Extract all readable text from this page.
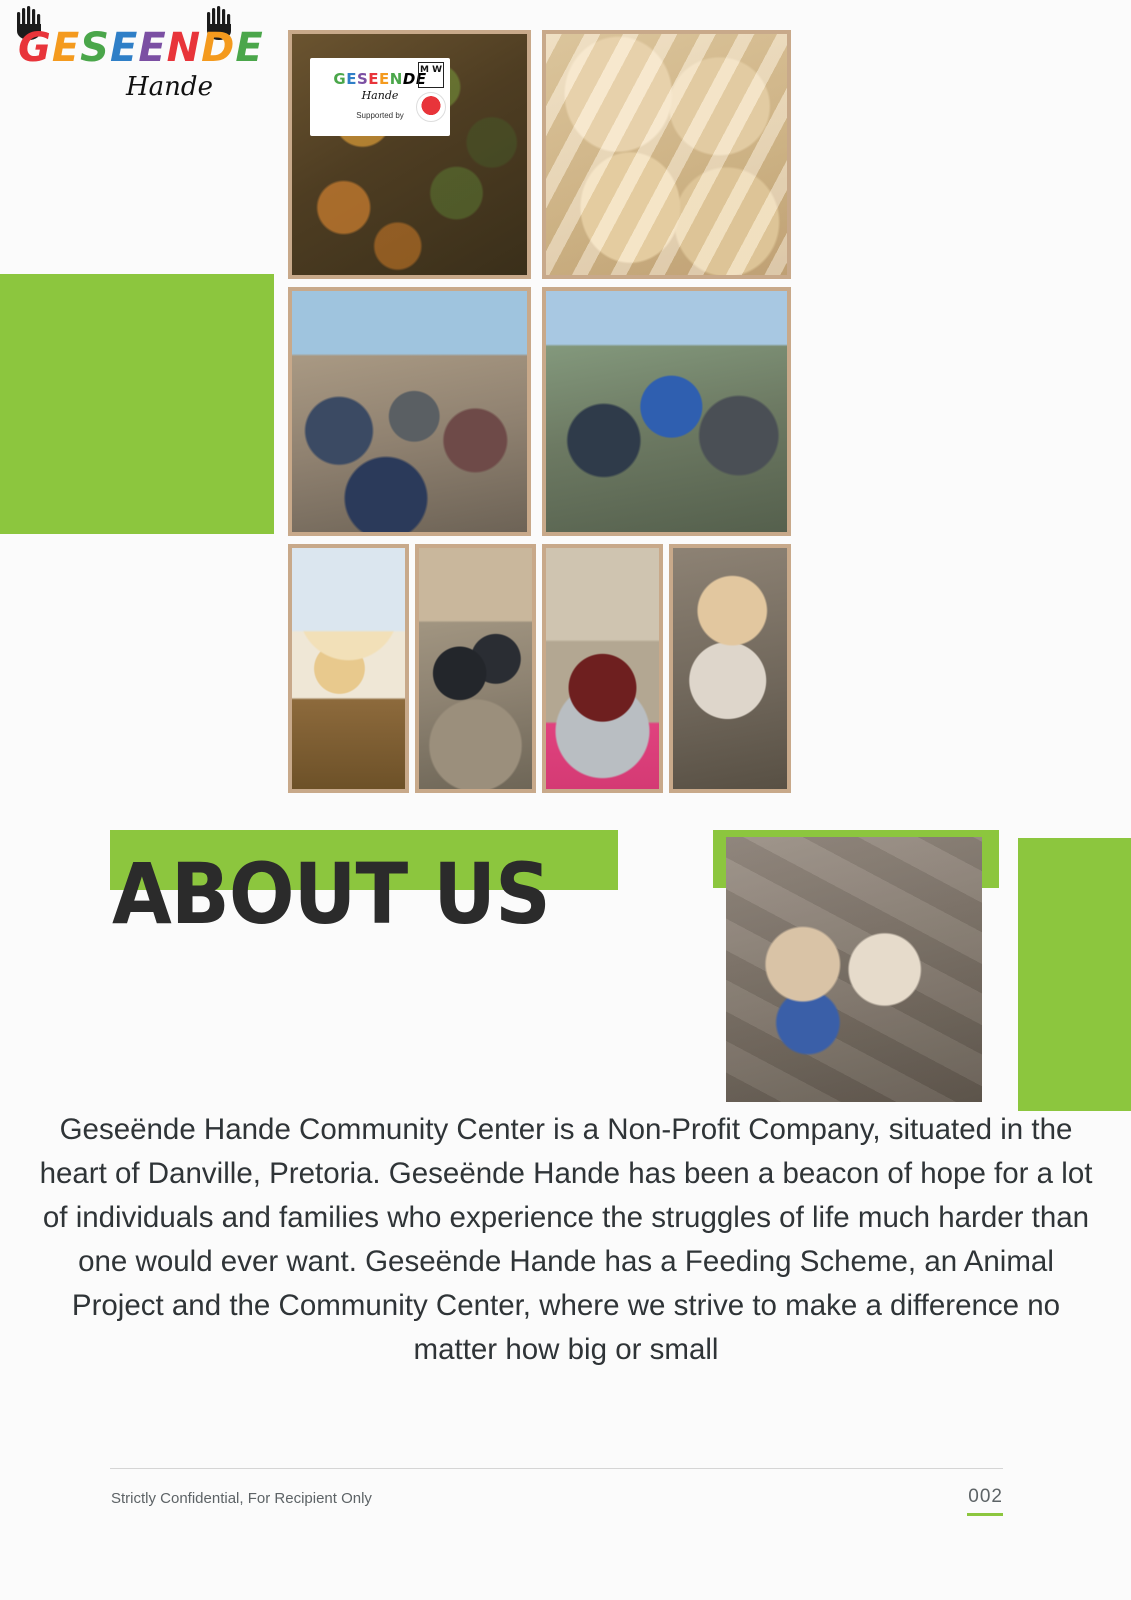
GESEENDE
Hande	GESEENDE
Hande
Supported by
M W
ABOUT US
Geseënde Hande Community Center is a Non-Profit Company, situated in the heart of Danville, Pretoria. Geseënde Hande has been a beacon of hope for a lot of individuals and families who experience the struggles of life much harder than one would ever want. Geseënde Hande has a Feeding Scheme, an Animal Project and the Community Center, where we strive to make a difference no matter how big or small
Strictly Confidential, For Recipient Only	002
